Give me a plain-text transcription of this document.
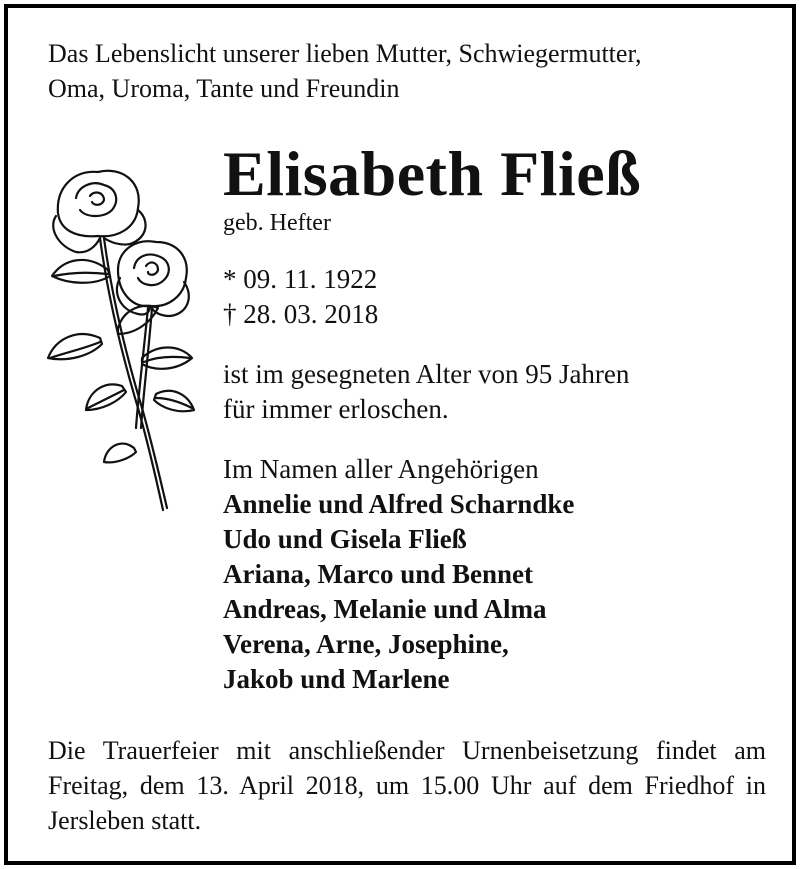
Das Lebenslicht unserer lieben Mutter, Schwiegermutter,
Oma, Uroma, Tante und Freundin
Elisabeth Fließ
geb. Hefter
* 09. 11. 1922
† 28. 03. 2018
ist im gesegneten Alter von 95 Jahren
für immer erloschen.
Im Namen aller Angehörigen
Annelie und Alfred Scharndke
Udo und Gisela Fließ
Ariana, Marco und Bennet
Andreas, Melanie und Alma
Verena, Arne, Josephine,
Jakob und Marlene
Die Trauerfeier mit anschließender Urnenbeisetzung findet am Freitag, dem 13. April 2018, um 15.00 Uhr auf dem Friedhof in Jersleben statt.
